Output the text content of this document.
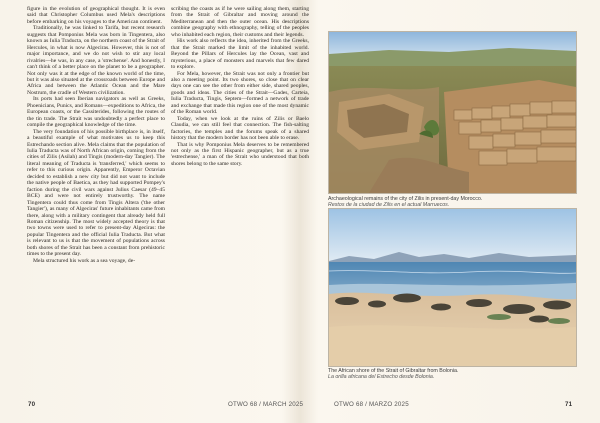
figure in the evolution of geographical thought. It is even said that Christopher Columbus used Mela's descriptions before embarking on his voyages to the American continent.

Traditionally, he was linked to Tarifa, but recent research suggests that Pomponius Mela was born in Tingentera, also known as Iulia Traducta, on the northern coast of the Strait of Hercules, in what is now Algeciras. However, this is not of major importance, and we do not wish to stir any local rivalries—he was, in any case, a 'strechense'. And honestly, I can't think of a better place on the planet to be a geographer. Not only was it at the edge of the known world of the time, but it was also situated at the crossroads between Europe and Africa and between the Atlantic Ocean and the Mare Nostrum, the cradle of Western civilization.

Its ports had seen Iberian navigators as well as Greeks, Phoenicians, Punics, and Romans—expeditions to Africa, the European coasts, or the Cassiterides, following the routes of the tin trade. The Strait was undoubtedly a perfect place to compile the geographical knowledge of the time.

The very foundation of his possible birthplace is, in itself, a beautiful example of what motivates us to keep this Estrechando section alive. Mela claims that the population of Iulia Traducta was of North African origin, coming from the cities of Zilis (Asilah) and Tingis (modern-day Tangier). The literal meaning of Traducta is 'transferred,' which seems to refer to this curious origin. Apparently, Emperor Octavian decided to establish a new city but did not want to include the native people of Baetica, as they had supported Pompey's faction during the civil wars against Julius Caesar (49–45 BCE) and were not entirely trustworthy. The name Tingentera could thus come from Tingis Altera ('the other Tangier'), as many of Algeciras' future inhabitants came from there, along with a military contingent that already held full Roman citizenship. The most widely accepted theory is that two towns were used to refer to present-day Algeciras: the popular Tingentera and the official Iulia Traducta. But what is relevant to us is that the movement of populations across both shores of the Strait has been a constant from prehistoric times to the present day.

Mela structured his work as a sea voyage, de-

scribing the coasts as if he were sailing along them, starting from the Strait of Gibraltar and moving around the Mediterranean and then the outer ocean. His descriptions combine geography with ethnography, telling of the peoples who inhabited each region, their customs and their legends.

His work also reflects the idea, inherited from the Greeks, that the Strait marked the limit of the inhabited world. Beyond the Pillars of Hercules lay the Ocean, vast and mysterious, a place of monsters and marvels that few dared to explore.

For Mela, however, the Strait was not only a frontier but also a meeting point. Its two shores, so close that on clear days one can see the other from either side, shared peoples, goods and ideas. The cities of the Strait—Gades, Carteia, Iulia Traducta, Tingis, Septem—formed a network of trade and exchange that made this region one of the most dynamic of the Roman world.

Today, when we look at the ruins of Zilis or Baelo Claudia, we can still feel that connection. The fish-salting factories, the temples and the forums speak of a shared history that the modern border has not been able to erase.

That is why Pomponius Mela deserves to be remembered not only as the first Hispanic geographer, but as a true 'estrechense,' a man of the Strait who understood that both shores belong to the same story.

Archaeological remains of the city of Zilis in present-day Morocco.
Restos de la ciudad de Zilis en el actual Marruecos.
The African shore of the Strait of Gibraltar from Bolonia.
La orilla africana del Estrecho desde Bolonia.
70	OTWO 68 / MARCH 2025	OTWO 68 / MARZO 2025	71
